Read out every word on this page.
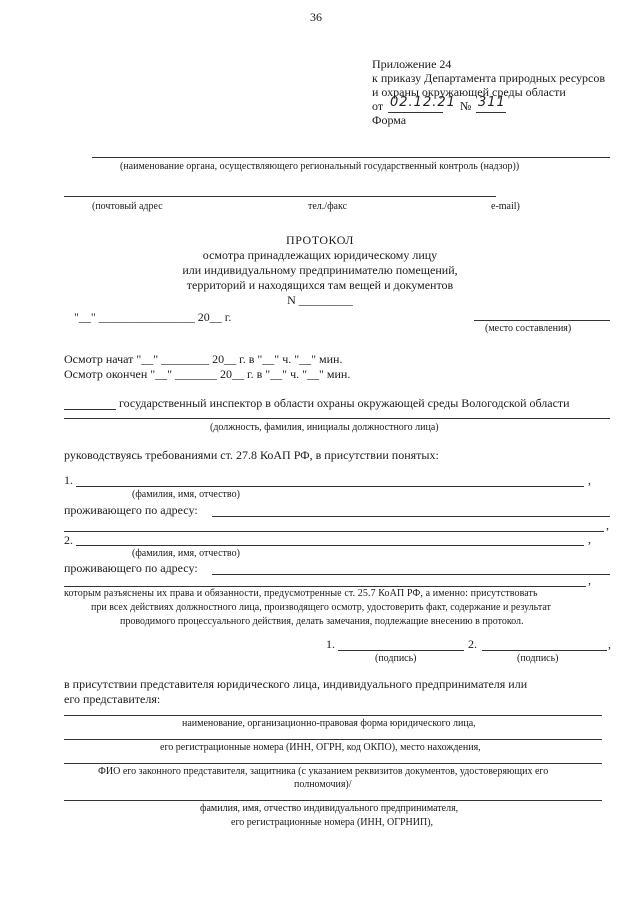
36
Приложение 24
к приказу Департамента природных ресурсов
и охраны окружающей среды области
от 02.12.21 № 311
Форма
(наименование органа, осуществляющего региональный государственный контроль (надзор))
(почтовый адрес	тел./факс	e-mail)
ПРОТОКОЛ
осмотра принадлежащих юридическому лицу
или индивидуальному предпринимателю помещений,
территорий и находящихся там вещей и документов
N _________
"__" ________________ 20__ г.
(место составления)
Осмотр начат "__" ________ 20__ г. в "__" ч. "__" мин.
Осмотр окончен "__" _______ 20__ г. в "__" ч. "__" мин.
государственный инспектор в области охраны окружающей среды Вологодской области
(должность, фамилия, инициалы должностного лица)
руководствуясь требованиями ст. 27.8 КоАП РФ, в присутствии понятых:
1.	,
(фамилия, имя, отчество)
проживающего по адресу:
,
2.	,
(фамилия, имя, отчество)
проживающего по адресу:
,
которым разъяснены их права и обязанности, предусмотренные ст. 25.7 КоАП РФ, а именно: присутствовать
при всех действиях должностного лица, производящего осмотр, удостоверить факт, содержание и результат
проводимого процессуального действия, делать замечания, подлежащие внесению в протокол.
1.
(подпись)
2.	,
(подпись)
в присутствии представителя юридического лица, индивидуального предпринимателя или
его представителя:
наименование, организационно-правовая форма юридического лица,
его регистрационные номера (ИНН, ОГРН, код ОКПО), место нахождения,
ФИО его законного представителя, защитника (с указанием реквизитов документов, удостоверяющих его
полномочия)/
фамилия, имя, отчество индивидуального предпринимателя,
его регистрационные номера (ИНН, ОГРНИП),
